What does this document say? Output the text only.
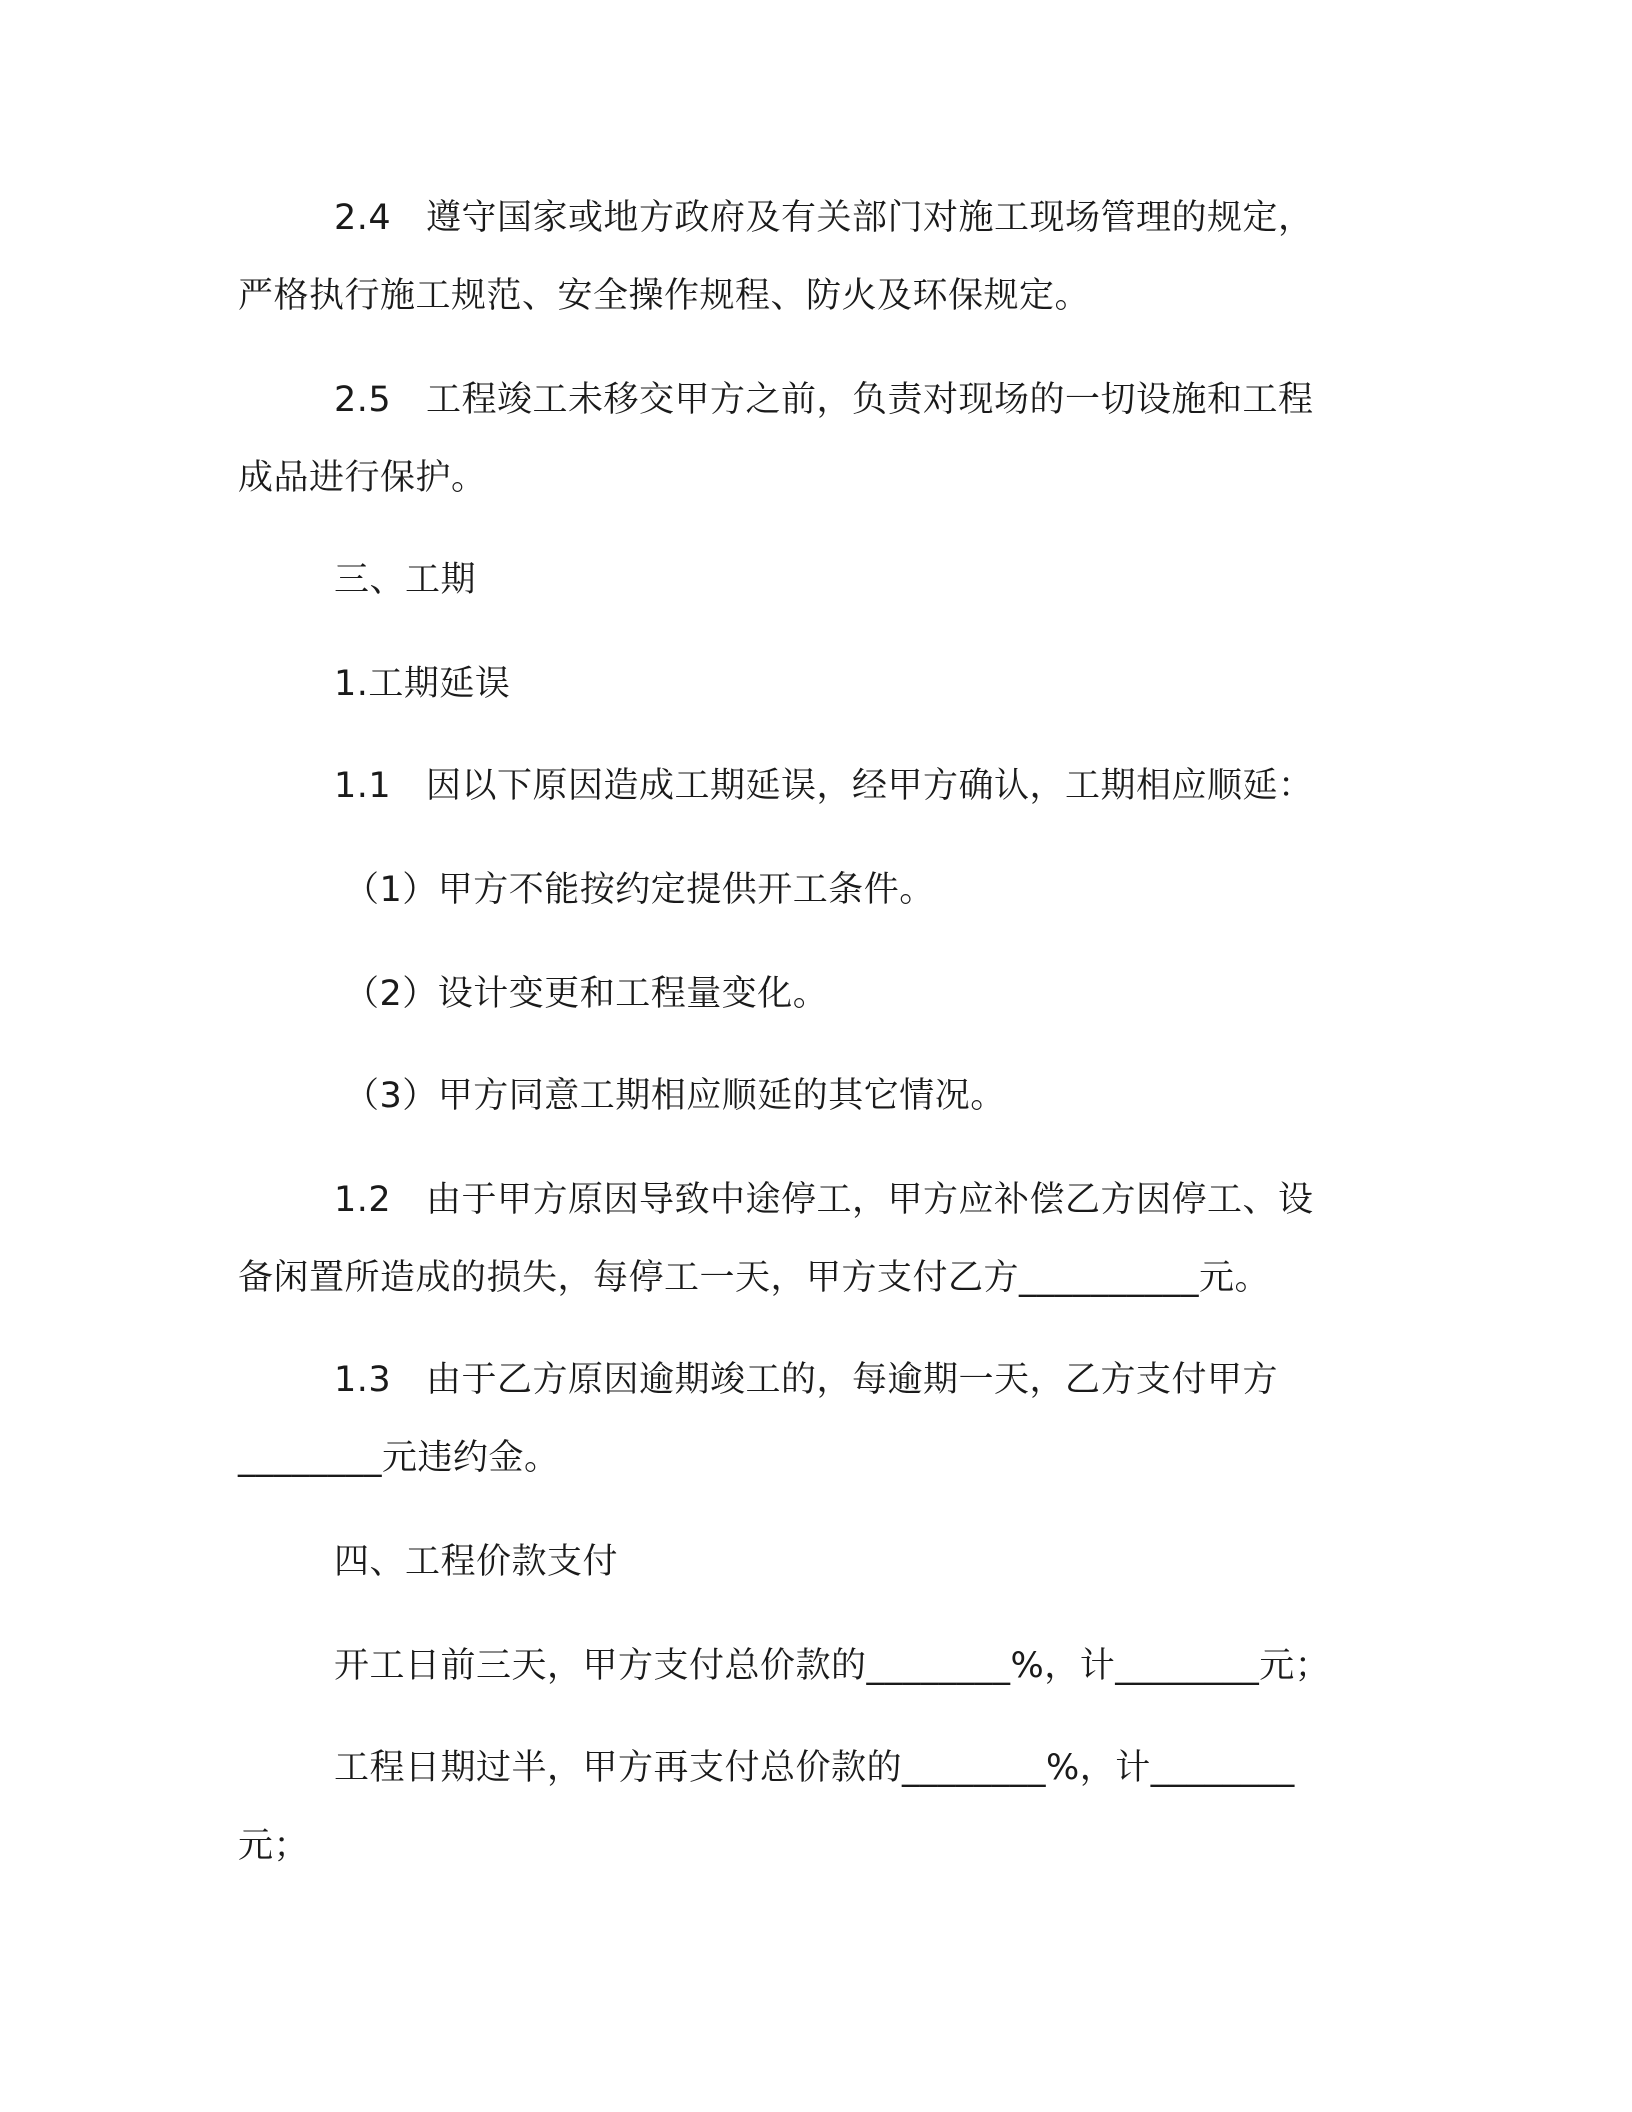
2.4 遵守国家或地方政府及有关部门对施工现场管理的规定，
严格执行施工规范、安全操作规程、防火及环保规定。
2.5 工程竣工未移交甲方之前，负责对现场的一切设施和工程
成品进行保护。
三、工期
1.工期延误
1.1 因以下原因造成工期延误，经甲方确认，工期相应顺延：
（1）甲方不能按约定提供开工条件。
（2）设计变更和工程量变化。
（3）甲方同意工期相应顺延的其它情况。
1.2 由于甲方原因导致中途停工，甲方应补偿乙方因停工、设
备闲置所造成的损失，每停工一天，甲方支付乙方__________元。
1.3 由于乙方原因逾期竣工的，每逾期一天，乙方支付甲方
________元违约金。
四、工程价款支付
开工日前三天，甲方支付总价款的________%，计________元；
工程日期过半，甲方再支付总价款的________%，计________
元；
